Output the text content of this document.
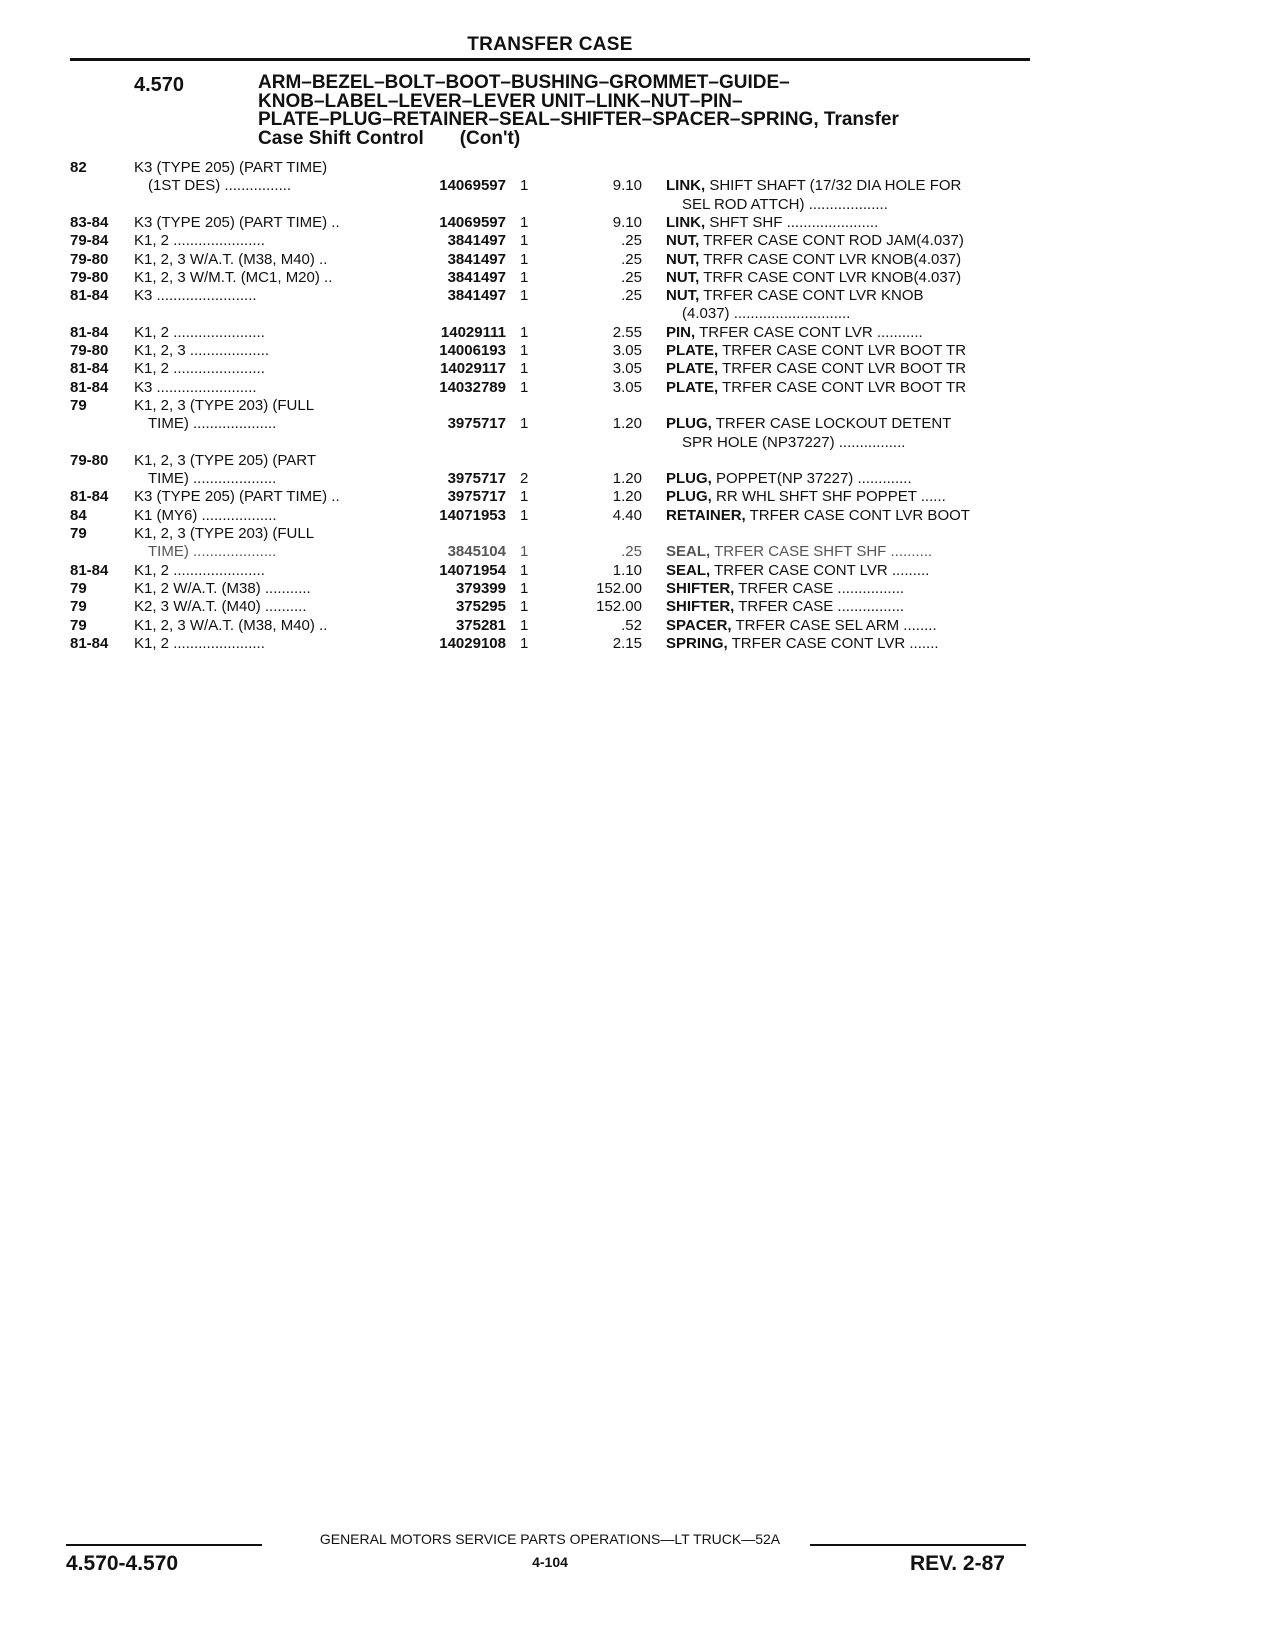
TRANSFER CASE
4.570	ARM–BEZEL–BOLT–BOOT–BUSHING–GROMMET–GUIDE–
KNOB–LABEL–LEVER–LEVER UNIT–LINK–NUT–PIN–
PLATE–PLUG–RETAINER–SEAL–SHIFTER–SPACER–SPRING, Transfer
Case Shift Control (Con't)
82	K3 (TYPE 205) (PART TIME)
(1ST DES) ................	14069597 1	9.10 LINK, SHIFT SHAFT (17/32 DIA HOLE FOR
SEL ROD ATTCH) ...................
83-84 K3 (TYPE 205) (PART TIME) ..	14069597 1	9.10 LINK, SHFT SHF ......................
79-84 K1, 2 ......................	3841497 1	.25 NUT, TRFER CASE CONT ROD JAM(4.037)
79-80 K1, 2, 3 W/A.T. (M38, M40) ..	3841497 1	.25 NUT, TRFR CASE CONT LVR KNOB(4.037)
79-80 K1, 2, 3 W/M.T. (MC1, M20) ..	3841497 1	.25 NUT, TRFR CASE CONT LVR KNOB(4.037)
81-84 K3 ........................	3841497 1	.25 NUT, TRFER CASE CONT LVR KNOB
(4.037) ............................
81-84 K1, 2 ......................	14029111 1	2.55 PIN, TRFER CASE CONT LVR ...........
79-80 K1, 2, 3 ...................	14006193 1	3.05 PLATE, TRFER CASE CONT LVR BOOT TR
81-84 K1, 2 ......................	14029117 1	3.05 PLATE, TRFER CASE CONT LVR BOOT TR
81-84 K3 ........................	14032789 1	3.05 PLATE, TRFER CASE CONT LVR BOOT TR
79	K1, 2, 3 (TYPE 203) (FULL
TIME) ....................	3975717 1	1.20 PLUG, TRFER CASE LOCKOUT DETENT
SPR HOLE (NP37227) ................
79-80 K1, 2, 3 (TYPE 205) (PART
TIME) ....................	3975717 2	1.20 PLUG, POPPET(NP 37227) .............
81-84 K3 (TYPE 205) (PART TIME) ..	3975717 1	1.20 PLUG, RR WHL SHFT SHF POPPET ......
84	K1 (MY6) ..................	14071953 1	4.40 RETAINER, TRFER CASE CONT LVR BOOT
79	K1, 2, 3 (TYPE 203) (FULL
TIME) ....................	3845104 1	.25 SEAL, TRFER CASE SHFT SHF ..........
81-84 K1, 2 ......................	14071954 1	1.10 SEAL, TRFER CASE CONT LVR .........
79	K1, 2 W/A.T. (M38) ...........	379399 1	152.00 SHIFTER, TRFER CASE ................
79	K2, 3 W/A.T. (M40) ..........	375295 1	152.00 SHIFTER, TRFER CASE ................
79	K1, 2, 3 W/A.T. (M38, M40) ..	375281 1	.52 SPACER, TRFER CASE SEL ARM ........
81-84 K1, 2 ......................	14029108 1	2.15 SPRING, TRFER CASE CONT LVR .......
GENERAL MOTORS SERVICE PARTS OPERATIONS—LT TRUCK—52A
4-104
4.570-4.570	REV. 2-87
